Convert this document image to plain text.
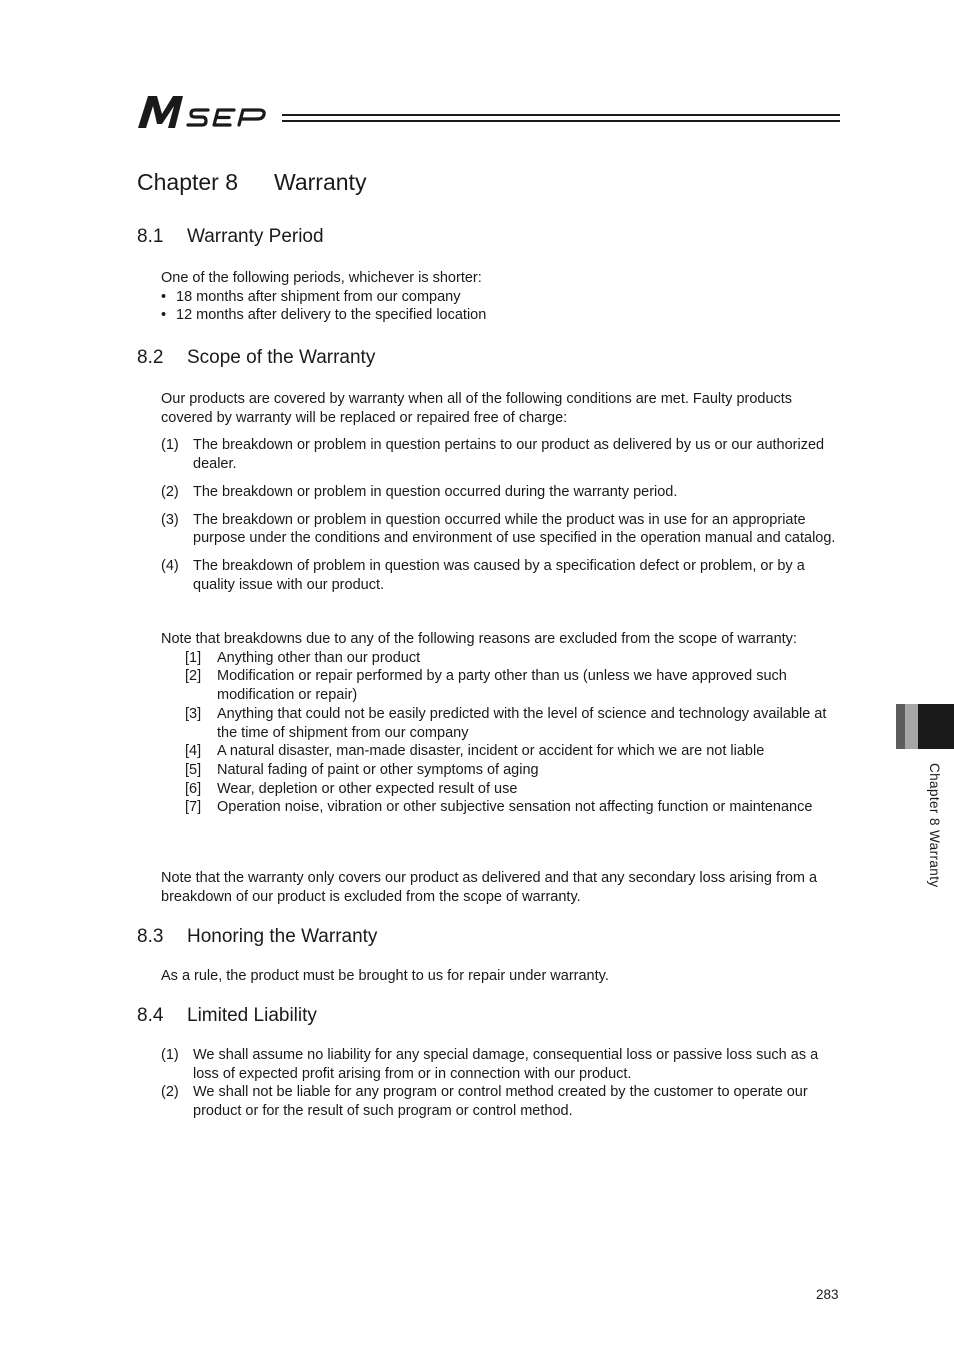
Chapter 8 Warranty
8.1 Warranty Period

One of the following periods, whichever is shorter:

• 18 months after shipment from our company
• 12 months after delivery to the specified location
8.2 Scope of the Warranty

Our products are covered by warranty when all of the following conditions are met. Faulty products covered by warranty will be replaced or repaired free of charge:

(1) The breakdown or problem in question pertains to our product as delivered by us or our authorized dealer.
(2) The breakdown or problem in question occurred during the warranty period.
(3) The breakdown or problem in question occurred while the product was in use for an appropriate purpose under the conditions and environment of use specified in the operation manual and catalog.
(4) The breakdown of problem in question was caused by a specification defect or problem, or by a quality issue with our product.

Note that breakdowns due to any of the following reasons are excluded from the scope of warranty:

[1]	Anything other than our product
[2]	Modification or repair performed by a party other than us (unless we have approved such modification or repair)
[3]	Anything that could not be easily predicted with the level of science and technology available at the time of shipment from our company
[4]	A natural disaster, man-made disaster, incident or accident for which we are not liable
[5]	Natural fading of paint or other symptoms of aging
[6]	Wear, depletion or other expected result of use
[7]	Operation noise, vibration or other subjective sensation not affecting function or maintenance

Note that the warranty only covers our product as delivered and that any secondary loss arising from a breakdown of our product is excluded from the scope of warranty.

8.3 Honoring the Warranty

As a rule, the product must be brought to us for repair under warranty.

8.4 Limited Liability
(1) We shall assume no liability for any special damage, consequential loss or passive loss such as a loss of expected profit arising from or in connection with our product.
(2) We shall not be liable for any program or control method created by the customer to operate our product or for the result of such program or control method.
Chapter 8 Warranty
283
